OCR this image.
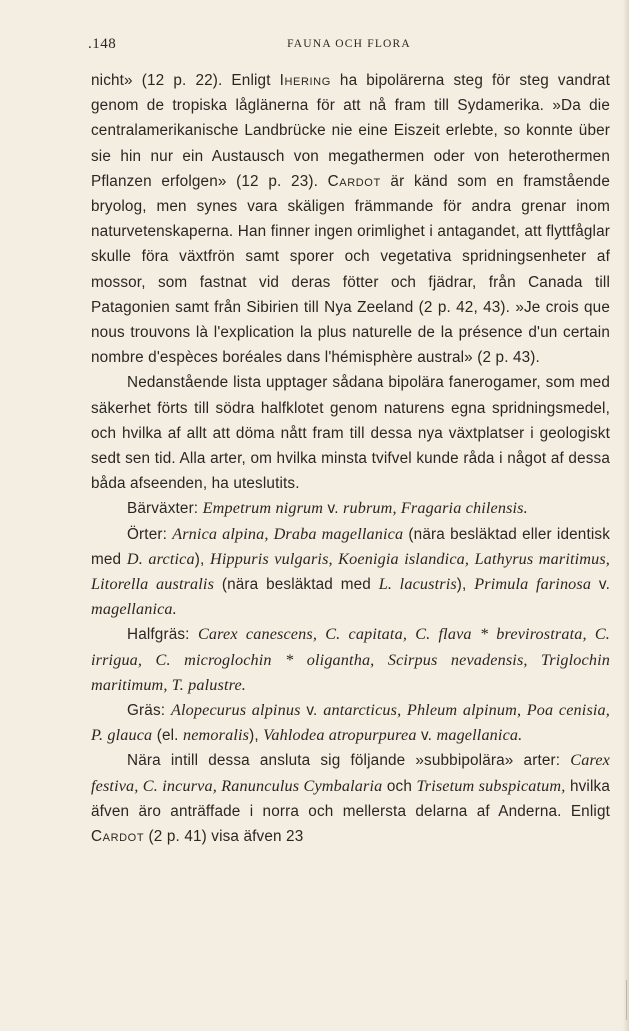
.148	FAUNA OCH FLORA

nicht» (12 p. 22). Enligt Ihering ha bipolärerna steg för steg vandrat genom de tropiska låglänerna för att nå fram till Sydamerika. »Da die centralamerikanische Landbrücke nie eine Eiszeit erlebte, so konnte über sie hin nur ein Austausch von megathermen oder von heterothermen Pflanzen erfolgen» (12 p. 23). Cardot är känd som en framstående bryolog, men synes vara skäligen främmande för andra grenar inom naturvetenskaperna. Han finner ingen orimlighet i antagandet, att flyttfåglar skulle föra växtfrön samt sporer och vegetativa spridningsenheter af mossor, som fastnat vid deras fötter och fjädrar, från Canada till Patagonien samt från Sibirien till Nya Zeeland (2 p. 42, 43). »Je crois que nous trouvons là l'explication la plus naturelle de la présence d'un certain nombre d'espèces boréales dans l'hémisphère austral» (2 p. 43).

Nedanstående lista upptager sådana bipolära fanerogamer, som med säkerhet förts till södra halfklotet genom naturens egna spridningsmedel, och hvilka af allt att döma nått fram till dessa nya växtplatser i geologiskt sedt sen tid. Alla arter, om hvilka minsta tvifvel kunde råda i något af dessa båda afseenden, ha uteslutits.

Bärväxter: Empetrum nigrum v. rubrum, Fragaria chilensis.

Örter: Arnica alpina, Draba magellanica (nära besläktad eller identisk med D. arctica), Hippuris vulgaris, Koenigia islandica, Lathyrus maritimus, Litorella australis (nära besläktad med L. lacustris), Primula farinosa v. magellanica.

Halfgräs: Carex canescens, C. capitata, C. flava * brevirostrata, C. irrigua, C. microglochin * oligantha, Scirpus nevadensis, Triglochin maritimum, T. palustre.

Gräs: Alopecurus alpinus v. antarcticus, Phleum alpinum, Poa cenisia, P. glauca (el. nemoralis), Vahlodea atropurpurea v. magellanica.

Nära intill dessa ansluta sig följande »subbipolära» arter: Carex festiva, C. incurva, Ranunculus Cymbalaria och Trisetum subspicatum, hvilka äfven äro anträffade i norra och mellersta delarna af Anderna. Enligt Cardot (2 p. 41) visa äfven 23
